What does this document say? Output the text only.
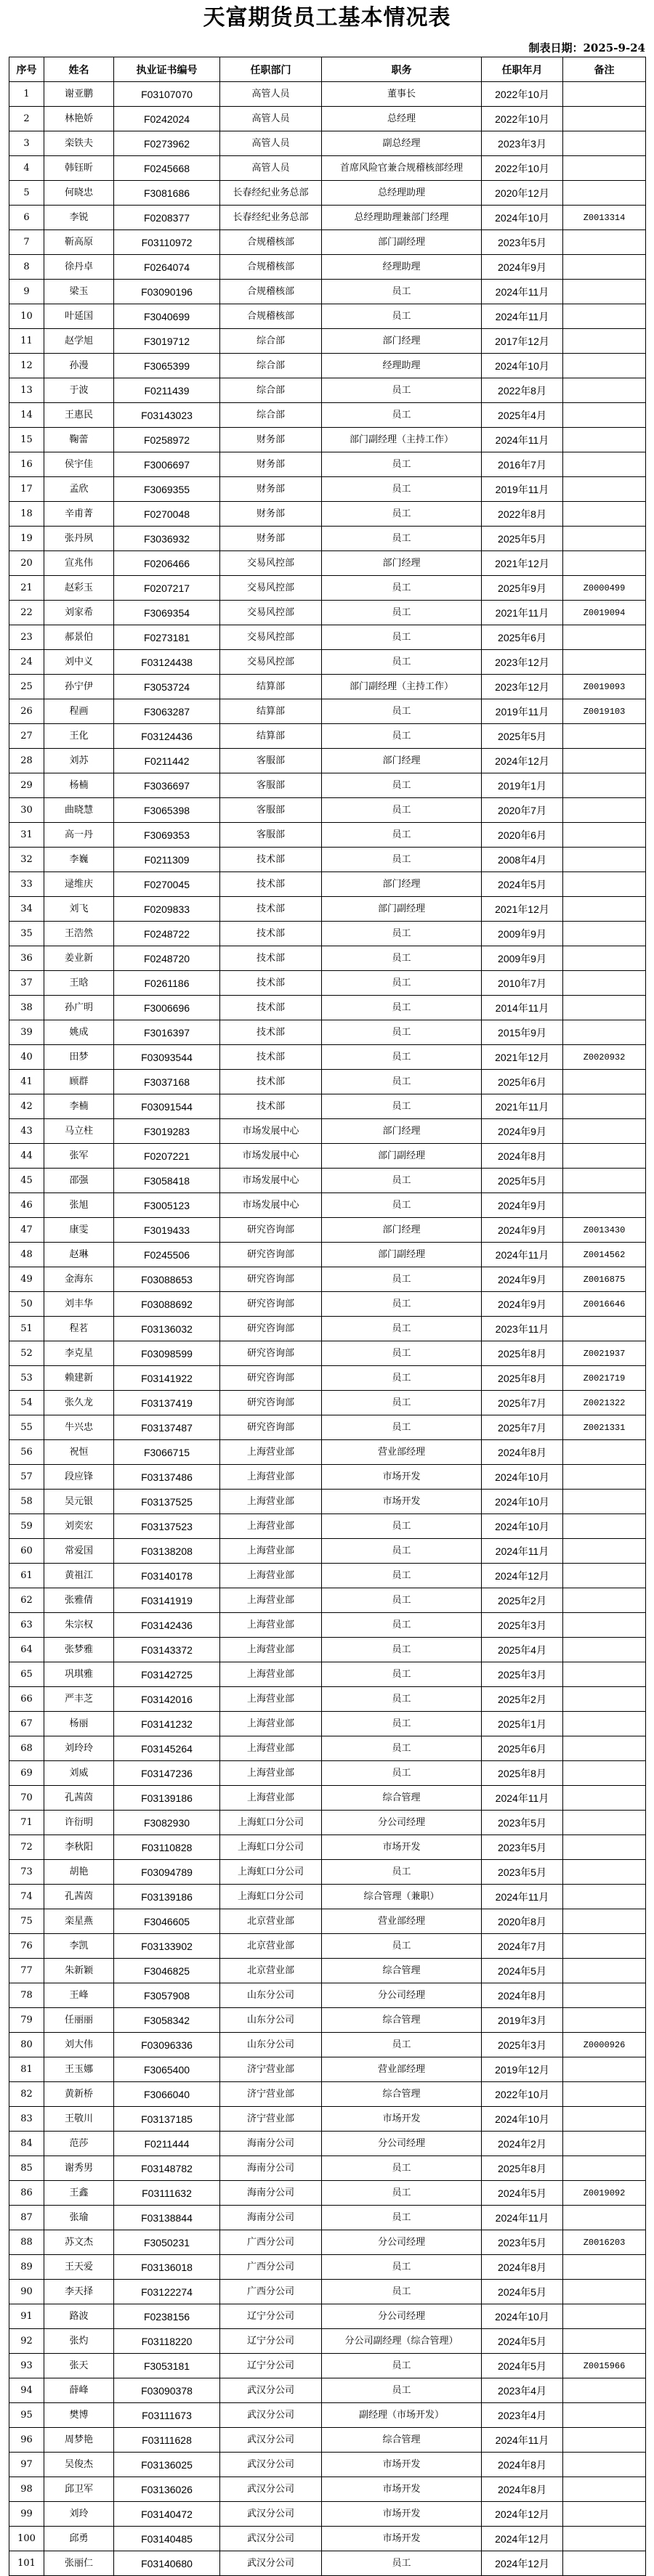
天富期货员工基本情况表
制表日期：2025-9-24
序号	姓名	执业证书编号	任职部门	职务	任职年月	备注
1	谢亚鹏	F03107070	高管人员	董事长	2022年10月	
2	林艳娇	F0242024	高管人员	总经理	2022年10月	
3	栾铁夫	F0273962	高管人员	副总经理	2023年3月	
4	韩钰昕	F0245668	高管人员	首席风险官兼合规稽核部经理	2022年10月	
5	何晓忠	F3081686	长春经纪业务总部	总经理助理	2020年12月	
6	李锐	F0208377	长春经纪业务总部	总经理助理兼部门经理	2024年10月	Z0013314
7	靳高原	F03110972	合规稽核部	部门副经理	2023年5月	
8	徐丹卓	F0264074	合规稽核部	经理助理	2024年9月	
9	梁玉	F03090196	合规稽核部	员工	2024年11月	
10	叶延国	F3040699	合规稽核部	员工	2024年11月	
11	赵学旭	F3019712	综合部	部门经理	2017年12月	
12	孙漫	F3065399	综合部	经理助理	2024年10月	
13	于波	F0211439	综合部	员工	2022年8月	
14	王惠民	F03143023	综合部	员工	2025年4月	
15	鞠蕾	F0258972	财务部	部门副经理（主持工作）	2024年11月	
16	侯宇佳	F3006697	财务部	员工	2016年7月	
17	孟欣	F3069355	财务部	员工	2019年11月	
18	辛甫菁	F0270048	财务部	员工	2022年8月	
19	张丹夙	F3036932	财务部	员工	2025年5月	
20	宣兆伟	F0206466	交易风控部	部门经理	2021年12月	
21	赵彩玉	F0207217	交易风控部	员工	2025年9月	Z0000499
22	刘家希	F3069354	交易风控部	员工	2021年11月	Z0019094
23	郝景伯	F0273181	交易风控部	员工	2025年6月	
24	刘中义	F03124438	交易风控部	员工	2023年12月	
25	孙宁伊	F3053724	结算部	部门副经理（主持工作）	2023年12月	Z0019093
26	程画	F3063287	结算部	员工	2019年11月	Z0019103
27	王化	F03124436	结算部	员工	2025年5月	
28	刘苏	F0211442	客服部	部门经理	2024年12月	
29	杨楠	F3036697	客服部	员工	2019年1月	
30	曲晓慧	F3065398	客服部	员工	2020年7月	
31	高一丹	F3069353	客服部	员工	2020年6月	
32	李巍	F0211309	技术部	员工	2008年4月	
33	逯维庆	F0270045	技术部	部门经理	2024年5月	
34	刘飞	F0209833	技术部	部门副经理	2021年12月	
35	王浩然	F0248722	技术部	员工	2009年9月	
36	姜业新	F0248720	技术部	员工	2009年9月	
37	王晗	F0261186	技术部	员工	2010年7月	
38	孙广明	F3006696	技术部	员工	2014年11月	
39	姚成	F3016397	技术部	员工	2015年9月	
40	田梦	F03093544	技术部	员工	2021年12月	Z0020932
41	顾群	F3037168	技术部	员工	2025年6月	
42	李楠	F03091544	技术部	员工	2021年11月	
43	马立柱	F3019283	市场发展中心	部门经理	2024年9月	
44	张军	F0207221	市场发展中心	部门副经理	2024年8月	
45	邵强	F3058418	市场发展中心	员工	2025年5月	
46	张旭	F3005123	市场发展中心	员工	2024年9月	
47	康雯	F3019433	研究咨询部	部门经理	2024年9月	Z0013430
48	赵琳	F0245506	研究咨询部	部门副经理	2024年11月	Z0014562
49	金海东	F03088653	研究咨询部	员工	2024年9月	Z0016875
50	刘丰华	F03088692	研究咨询部	员工	2024年9月	Z0016646
51	程茗	F03136032	研究咨询部	员工	2023年11月	
52	李克星	F03098599	研究咨询部	员工	2025年8月	Z0021937
53	赖建新	F03141922	研究咨询部	员工	2025年8月	Z0021719
54	张久龙	F03137419	研究咨询部	员工	2025年7月	Z0021322
55	牛兴忠	F03137487	研究咨询部	员工	2025年7月	Z0021331
56	祝恒	F3066715	上海营业部	营业部经理	2024年8月	
57	段应锋	F03137486	上海营业部	市场开发	2024年10月	
58	吴元银	F03137525	上海营业部	市场开发	2024年10月	
59	刘奕宏	F03137523	上海营业部	员工	2024年10月	
60	常爱国	F03138208	上海营业部	员工	2024年11月	
61	黄祖江	F03140178	上海营业部	员工	2024年12月	
62	张雅倩	F03141919	上海营业部	员工	2025年2月	
63	朱宗权	F03142436	上海营业部	员工	2025年3月	
64	张梦雅	F03143372	上海营业部	员工	2025年4月	
65	巩琪雅	F03142725	上海营业部	员工	2025年3月	
66	严丰芝	F03142016	上海营业部	员工	2025年2月	
67	杨丽	F03141232	上海营业部	员工	2025年1月	
68	刘玲玲	F03145264	上海营业部	员工	2025年6月	
69	刘威	F03147236	上海营业部	员工	2025年8月	
70	孔茜茵	F03139186	上海营业部	综合管理	2024年11月	
71	许衍明	F3082930	上海虹口分公司	分公司经理	2023年5月	
72	李秋阳	F03110828	上海虹口分公司	市场开发	2023年5月	
73	胡艳	F03094789	上海虹口分公司	员工	2023年5月	
74	孔茜茵	F03139186	上海虹口分公司	综合管理（兼职）	2024年11月	
75	栾星燕	F3046605	北京营业部	营业部经理	2020年8月	
76	李凯	F03133902	北京营业部	员工	2024年7月	
77	朱新颖	F3046825	北京营业部	综合管理	2024年5月	
78	王峰	F3057908	山东分公司	分公司经理	2024年8月	
79	任丽丽	F3058342	山东分公司	综合管理	2019年3月	
80	刘大伟	F03096336	山东分公司	员工	2025年3月	Z0000926
81	王玉娜	F3065400	济宁营业部	营业部经理	2019年12月	
82	黄新桥	F3066040	济宁营业部	综合管理	2022年10月	
83	王敬川	F03137185	济宁营业部	市场开发	2024年10月	
84	范莎	F0211444	海南分公司	分公司经理	2024年2月	
85	谢秀男	F03148782	海南分公司	员工	2025年8月	
86	王鑫	F03111632	海南分公司	员工	2024年5月	Z0019092
87	张瑜	F03138844	海南分公司	员工	2024年11月	
88	苏文杰	F3050231	广西分公司	分公司经理	2023年5月	Z0016203
89	王天爱	F03136018	广西分公司	员工	2024年8月	
90	李天择	F03122274	广西分公司	员工	2024年5月	
91	路波	F0238156	辽宁分公司	分公司经理	2024年10月	
92	张灼	F03118220	辽宁分公司	分公司副经理（综合管理）	2024年5月	
93	张天	F3053181	辽宁分公司	员工	2024年5月	Z0015966
94	薛峰	F03090378	武汉分公司	员工	2023年4月	
95	樊博	F03111673	武汉分公司	副经理（市场开发）	2023年4月	
96	周梦艳	F03111628	武汉分公司	综合管理	2024年11月	
97	吴俊杰	F03136025	武汉分公司	市场开发	2024年8月	
98	邱卫军	F03136026	武汉分公司	市场开发	2024年8月	
99	刘玲	F03140472	武汉分公司	市场开发	2024年12月	
100	邱勇	F03140485	武汉分公司	市场开发	2024年12月	
101	张丽仁	F03140680	武汉分公司	员工	2024年12月	
